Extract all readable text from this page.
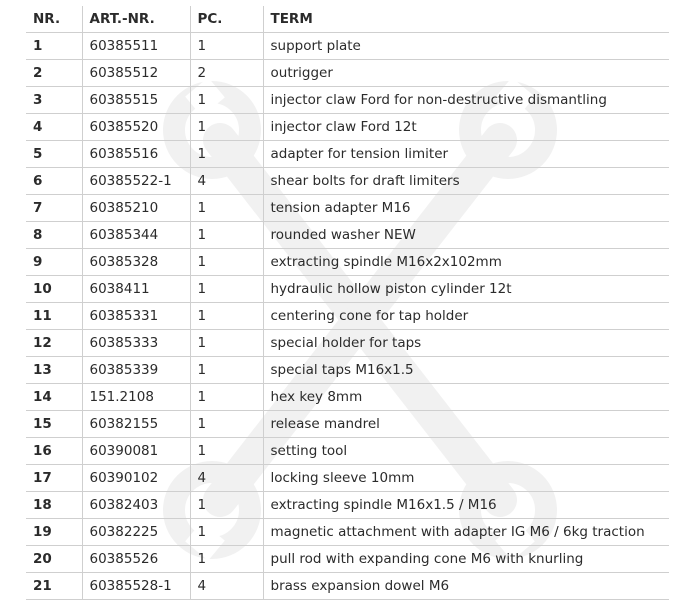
NR.	ART.-NR.	PC.	TERM
1	60385511	1	support plate
2	60385512	2	outrigger
3	60385515	1	injector claw Ford for non-destructive dismantling
4	60385520	1	injector claw Ford 12t
5	60385516	1	adapter for tension limiter
6	60385522-1	4	shear bolts for draft limiters
7	60385210	1	tension adapter M16
8	60385344	1	rounded washer NEW
9	60385328	1	extracting spindle M16x2x102mm
10	6038411	1	hydraulic hollow piston cylinder 12t
11	60385331	1	centering cone for tap holder
12	60385333	1	special holder for taps
13	60385339	1	special taps M16x1.5
14	151.2108	1	hex key 8mm
15	60382155	1	release mandrel
16	60390081	1	setting tool
17	60390102	4	locking sleeve 10mm
18	60382403	1	extracting spindle M16x1.5 / M16
19	60382225	1	magnetic attachment with adapter IG M6 / 6kg traction
20	60385526	1	pull rod with expanding cone M6 with knurling
21	60385528-1	4	brass expansion dowel M6
